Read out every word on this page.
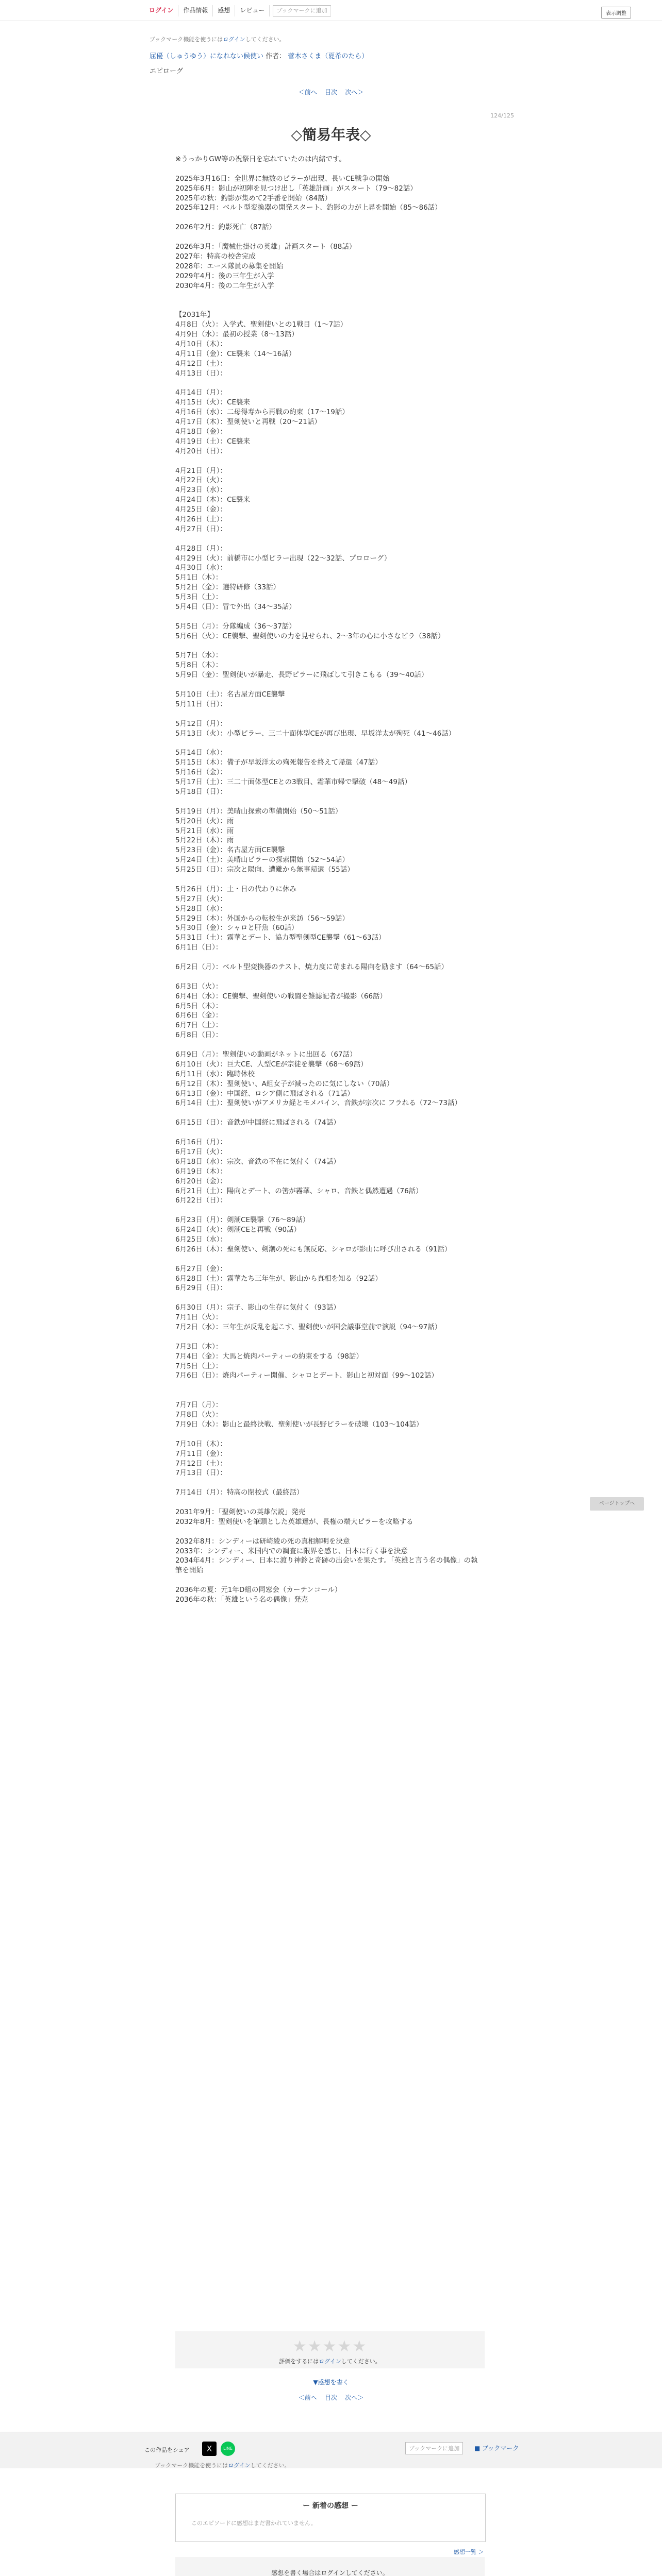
ログイン	作品情報	感想	レビュー	ブックマークに追加	表示調整
ブックマーク機能を使うにはログインしてください。
屈優（しゅうゆう）になれない候使い 作者： 菅木さくま（夏希のたら）
エピローグ
＜前へ 目次 次へ＞
124/125
◇簡易年表◇
※うっかりGW等の祝祭日を忘れていたのは内緒です。
2025年3月16日：全世界に無数のピラーが出現、長いCE戦争の開始
2025年6月：影山が初陣を見つけ出し「英雄計画」がスタート（79〜82話）
2025年の秋：釣影が集めて2手番を開始（84話）
2025年12月：ベルト型変換器の開発スタート、釣影の力が上昇を開始（85〜86話）
2026年2月：釣影死亡（87話）
2026年3月：「魔械仕掛けの英雄」計画スタート（88話）
2027年：特高の校舎完成
2028年：エース隊員の募集を開始
2029年4月：後の三年生が入学
2030年4月：後の二年生が入学
【2031年】
4月8日（火）：入学式、聖剣使いとの1戦目（1〜7話）
4月9日（水）：最初の授業（8〜13話）
4月10日（木）：
4月11日（金）：CE襲来（14〜16話）
4月12日（土）：
4月13日（日）：
4月14日（月）：
4月15日（火）：CE襲来
4月16日（水）：二母得寿から再戦の約束（17〜19話）
4月17日（木）：聖剣使いと再戦（20〜21話）
4月18日（金）：
4月19日（土）：CE襲来
4月20日（日）：
4月21日（月）：
4月22日（火）：
4月23日（水）：
4月24日（木）：CE襲来
4月25日（金）：
4月26日（土）：
4月27日（日）：
4月28日（月）：
4月29日（火）：前橋市に小型ピラー出現（22〜32話、プロローグ）
4月30日（水）：
5月1日（木）：
5月2日（金）：選特研修（33話）
5月3日（土）：
5月4日（日）：冒で外出（34〜35話）
5月5日（月）：分隊編成（36〜37話）
5月6日（火）：CE襲撃、聖剣使いの力を見せられ、2〜3年の心に小さなピラ（38話）
5月7日（水）：
5月8日（木）：
5月9日（金）：聖剣使いが暴走、長野ピラーに飛ばして引きこもる（39〜40話）
5月10日（土）：名古屋方面CE襲撃
5月11日（日）：
5月12日（月）：
5月13日（火）：小型ピラー、三二十面体型CEが再び出現、早坂洋太が殉死（41〜46話）
5月14日（水）：
5月15日（木）：備子が早坂洋太の殉死報告を終えて帰還（47話）
5月16日（金）：
5月17日（土）：三二十面体型CEとの3戦目、霜華市帰で撃破（48〜49話）
5月18日（日）：
5月19日（月）：美晴山探索の準備開始（50〜51話）
5月20日（火）：雨
5月21日（水）：雨
5月22日（木）：雨
5月23日（金）：名古屋方面CE襲撃
5月24日（土）：美晴山ピラーの探索開始（52〜54話）
5月25日（日）：宗次と陽向、遭難から無事帰還（55話）
5月26日（月）：土・日の代わりに休み
5月27日（火）：
5月28日（水）：
5月29日（木）：外国からの転校生が来訪（56〜59話）
5月30日（金）：シャロと肝魚（60話）
5月31日（土）：霧華とデート、協力型聖剣型CE襲撃（61〜63話）
6月1日（日）：
6月2日（月）：ベルト型変換器のテスト、焼力度に苛まれる陽向を励ます（64〜65話）
6月3日（火）：
6月4日（水）：CE襲撃、聖剣使いの戦闘を雑誌記者が撮影（66話）
6月5日（木）：
6月6日（金）：
6月7日（土）：
6月8日（日）：
6月9日（月）：聖剣使いの動画がネットに出回る（67話）
6月10日（火）：巨大CE、人型CEが宗徒を襲撃（68〜69話）
6月11日（水）：臨時休校
6月12日（木）：聖剣使い、A組女子が減ったのに気にしない（70話）
6月13日（金）：中国経、ロシア側に飛ばされる（71話）
6月14日（土）：聖剣使いがアメリカ経とモメバイン、音鉄が宗次に フラれる（72〜73話）
6月15日（日）：音鉄が中国経に飛ばされる（74話）
6月16日（月）：
6月17日（火）：
6月18日（水）：宗次、音鉄の不在に気付く（74話）
6月19日（木）：
6月20日（金）：
6月21日（土）：陽向とデート、の筈が霧華、シャロ、音鉄と偶然遭遇（76話）
6月22日（日）：
6月23日（月）：剣潮CE襲撃（76〜89話）
6月24日（火）：剣潮CEと再戦（90話）
6月25日（水）：
6月26日（木）：聖剣使い、剣潮の死にも無反応、シャロが影山に呼び出される（91話）
6月27日（金）：
6月28日（土）：霧華たち三年生が、影山から真相を知る（92話）
6月29日（日）：
6月30日（月）：宗子、影山の生存に気付く（93話）
7月1日（火）：
7月2日（水）：三年生が反乱を起こす、聖剣使いが国会議事堂前で演説（94〜97話）
7月3日（木）：
7月4日（金）：大馬と焼肉パーティーの約束をする（98話）
7月5日（土）：
7月6日（日）：焼肉パーティー開催、シャロとデート、影山と初対面（99〜102話）
7月7日（月）：
7月8日（火）：
7月9日（水）：影山と最終決戦、聖剣使いが長野ピラーを破壊（103〜104話）
7月10日（木）：
7月11日（金）：
7月12日（土）：
7月13日（日）：
7月14日（月）：特高の閉校式（最終話）
2031年9月：「聖剣使いの英雄伝説」発売
2032年8月：聖剣使いを筆頭とした英雄達が、長権の端大ピラーを攻略する
2032年8月：シンディーは研崎綾の死の真相解明を決意
2033年：シンディー、米国内での調査に限界を感じ、日本に行く事を決意
2034年4月：シンディー、日本に渡り神鈴と奇跡の出会いを果たす。「英雄と言う名の偶像」の執筆を開始
2036年の夏：元1年D組の同窓会（カーテンコール）
2036年の秋：「英雄という名の偶像」発売
ページトップへ
★★★★★
評価をするにはログインしてください。
▼感想を書く
＜前へ 目次 次へ＞
この作品をシェア	X	LINE	ブックマークに追加	■ ブックマーク
ブックマーク機能を使うにはログインしてください。
ー 新着の感想 ー
このエピソードに感想はまだ書かれていません。
感想一覧 ＞
感想を書く場合はログインしてください。
